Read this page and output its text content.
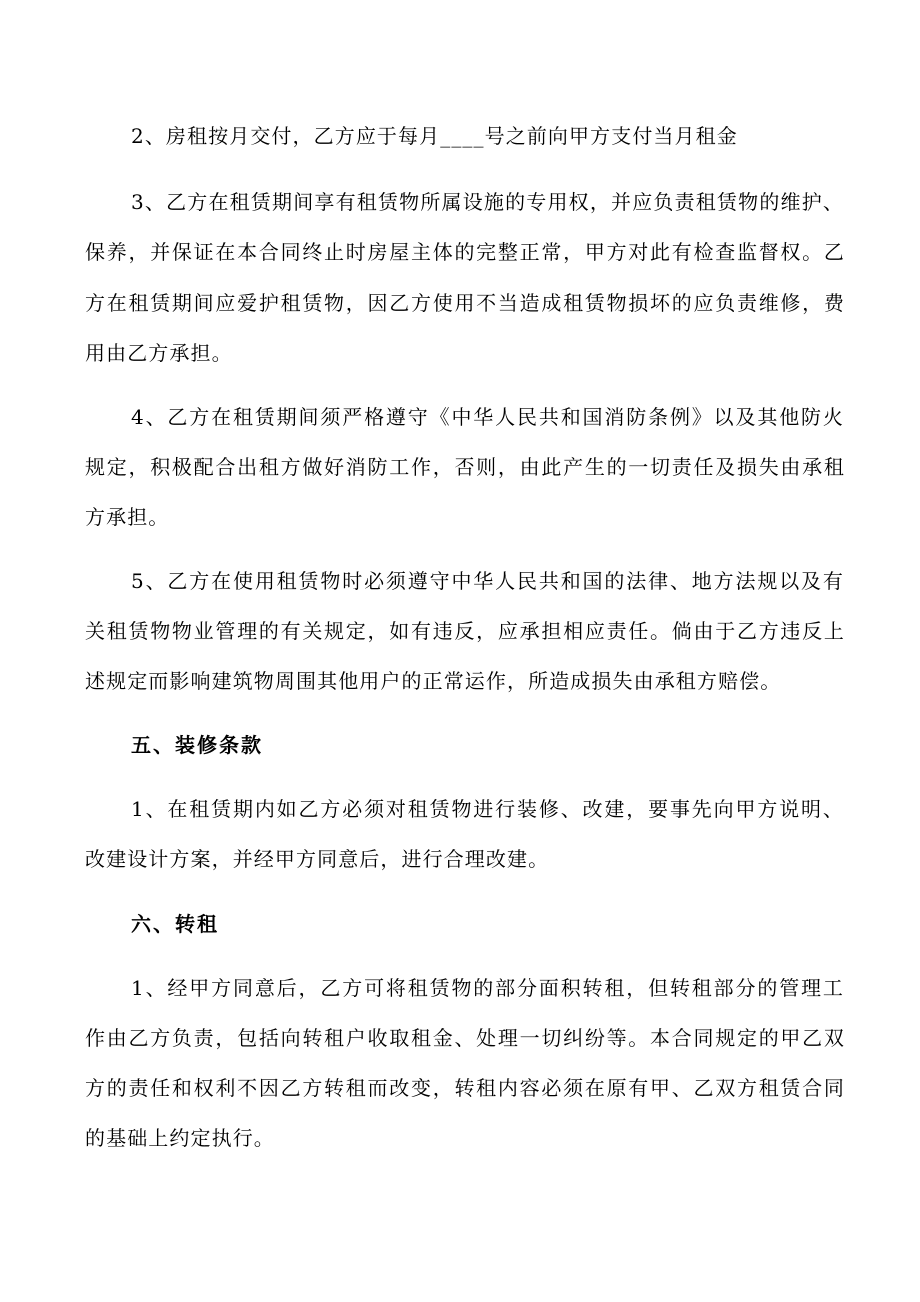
2、房租按月交付，乙方应于每月____号之前向甲方支付当月租金
3、乙方在租赁期间享有租赁物所属设施的专用权，并应负责租赁物的维护、
保养，并保证在本合同终止时房屋主体的完整正常，甲方对此有检查监督权。乙
方在租赁期间应爱护租赁物，因乙方使用不当造成租赁物损坏的应负责维修，费
用由乙方承担。
4、乙方在租赁期间须严格遵守《中华人民共和国消防条例》以及其他防火
规定，积极配合出租方做好消防工作，否则，由此产生的一切责任及损失由承租
方承担。
5、乙方在使用租赁物时必须遵守中华人民共和国的法律、地方法规以及有
关租赁物物业管理的有关规定，如有违反，应承担相应责任。倘由于乙方违反上
述规定而影响建筑物周围其他用户的正常运作，所造成损失由承租方赔偿。
五、装修条款
1、在租赁期内如乙方必须对租赁物进行装修、改建，要事先向甲方说明、
改建设计方案，并经甲方同意后，进行合理改建。
六、转租
1、经甲方同意后，乙方可将租赁物的部分面积转租，但转租部分的管理工
作由乙方负责，包括向转租户收取租金、处理一切纠纷等。本合同规定的甲乙双
方的责任和权利不因乙方转租而改变，转租内容必须在原有甲、乙双方租赁合同
的基础上约定执行。
